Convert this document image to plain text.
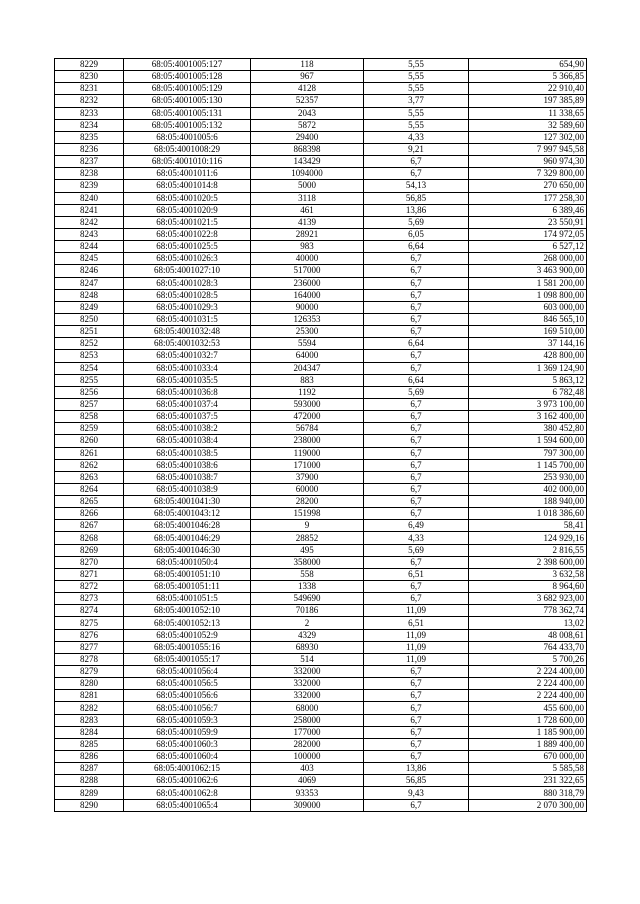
8229	68:05:4001005:127	118	5,55	654,90
8230	68:05:4001005:128	967	5,55	5 366,85
8231	68:05:4001005:129	4128	5,55	22 910,40
8232	68:05:4001005:130	52357	3,77	197 385,89
8233	68:05:4001005:131	2043	5,55	11 338,65
8234	68:05:4001005:132	5872	5,55	32 589,60
8235	68:05:4001005:6	29400	4,33	127 302,00
8236	68:05:4001008:29	868398	9,21	7 997 945,58
8237	68:05:4001010:116	143429	6,7	960 974,30
8238	68:05:4001011:6	1094000	6,7	7 329 800,00
8239	68:05:4001014:8	5000	54,13	270 650,00
8240	68:05:4001020:5	3118	56,85	177 258,30
8241	68:05:4001020:9	461	13,86	6 389,46
8242	68:05:4001021:5	4139	5,69	23 550,91
8243	68:05:4001022:8	28921	6,05	174 972,05
8244	68:05:4001025:5	983	6,64	6 527,12
8245	68:05:4001026:3	40000	6,7	268 000,00
8246	68:05:4001027:10	517000	6,7	3 463 900,00
8247	68:05:4001028:3	236000	6,7	1 581 200,00
8248	68:05:4001028:5	164000	6,7	1 098 800,00
8249	68:05:4001029:3	90000	6,7	603 000,00
8250	68:05:4001031:5	126353	6,7	846 565,10
8251	68:05:4001032:48	25300	6,7	169 510,00
8252	68:05:4001032:53	5594	6,64	37 144,16
8253	68:05:4001032:7	64000	6,7	428 800,00
8254	68:05:4001033:4	204347	6,7	1 369 124,90
8255	68:05:4001035:5	883	6,64	5 863,12
8256	68:05:4001036:8	1192	5,69	6 782,48
8257	68:05:4001037:4	593000	6,7	3 973 100,00
8258	68:05:4001037:5	472000	6,7	3 162 400,00
8259	68:05:4001038:2	56784	6,7	380 452,80
8260	68:05:4001038:4	238000	6,7	1 594 600,00
8261	68:05:4001038:5	119000	6,7	797 300,00
8262	68:05:4001038:6	171000	6,7	1 145 700,00
8263	68:05:4001038:7	37900	6,7	253 930,00
8264	68:05:4001038:9	60000	6,7	402 000,00
8265	68:05:4001041:30	28200	6,7	188 940,00
8266	68:05:4001043:12	151998	6,7	1 018 386,60
8267	68:05:4001046:28	9	6,49	58,41
8268	68:05:4001046:29	28852	4,33	124 929,16
8269	68:05:4001046:30	495	5,69	2 816,55
8270	68:05:4001050:4	358000	6,7	2 398 600,00
8271	68:05:4001051:10	558	6,51	3 632,58
8272	68:05:4001051:11	1338	6,7	8 964,60
8273	68:05:4001051:5	549690	6,7	3 682 923,00
8274	68:05:4001052:10	70186	11,09	778 362,74
8275	68:05:4001052:13	2	6,51	13,02
8276	68:05:4001052:9	4329	11,09	48 008,61
8277	68:05:4001055:16	68930	11,09	764 433,70
8278	68:05:4001055:17	514	11,09	5 700,26
8279	68:05:4001056:4	332000	6,7	2 224 400,00
8280	68:05:4001056:5	332000	6,7	2 224 400,00
8281	68:05:4001056:6	332000	6,7	2 224 400,00
8282	68:05:4001056:7	68000	6,7	455 600,00
8283	68:05:4001059:3	258000	6,7	1 728 600,00
8284	68:05:4001059:9	177000	6,7	1 185 900,00
8285	68:05:4001060:3	282000	6,7	1 889 400,00
8286	68:05:4001060:4	100000	6,7	670 000,00
8287	68:05:4001062:15	403	13,86	5 585,58
8288	68:05:4001062:6	4069	56,85	231 322,65
8289	68:05:4001062:8	93353	9,43	880 318,79
8290	68:05:4001065:4	309000	6,7	2 070 300,00
